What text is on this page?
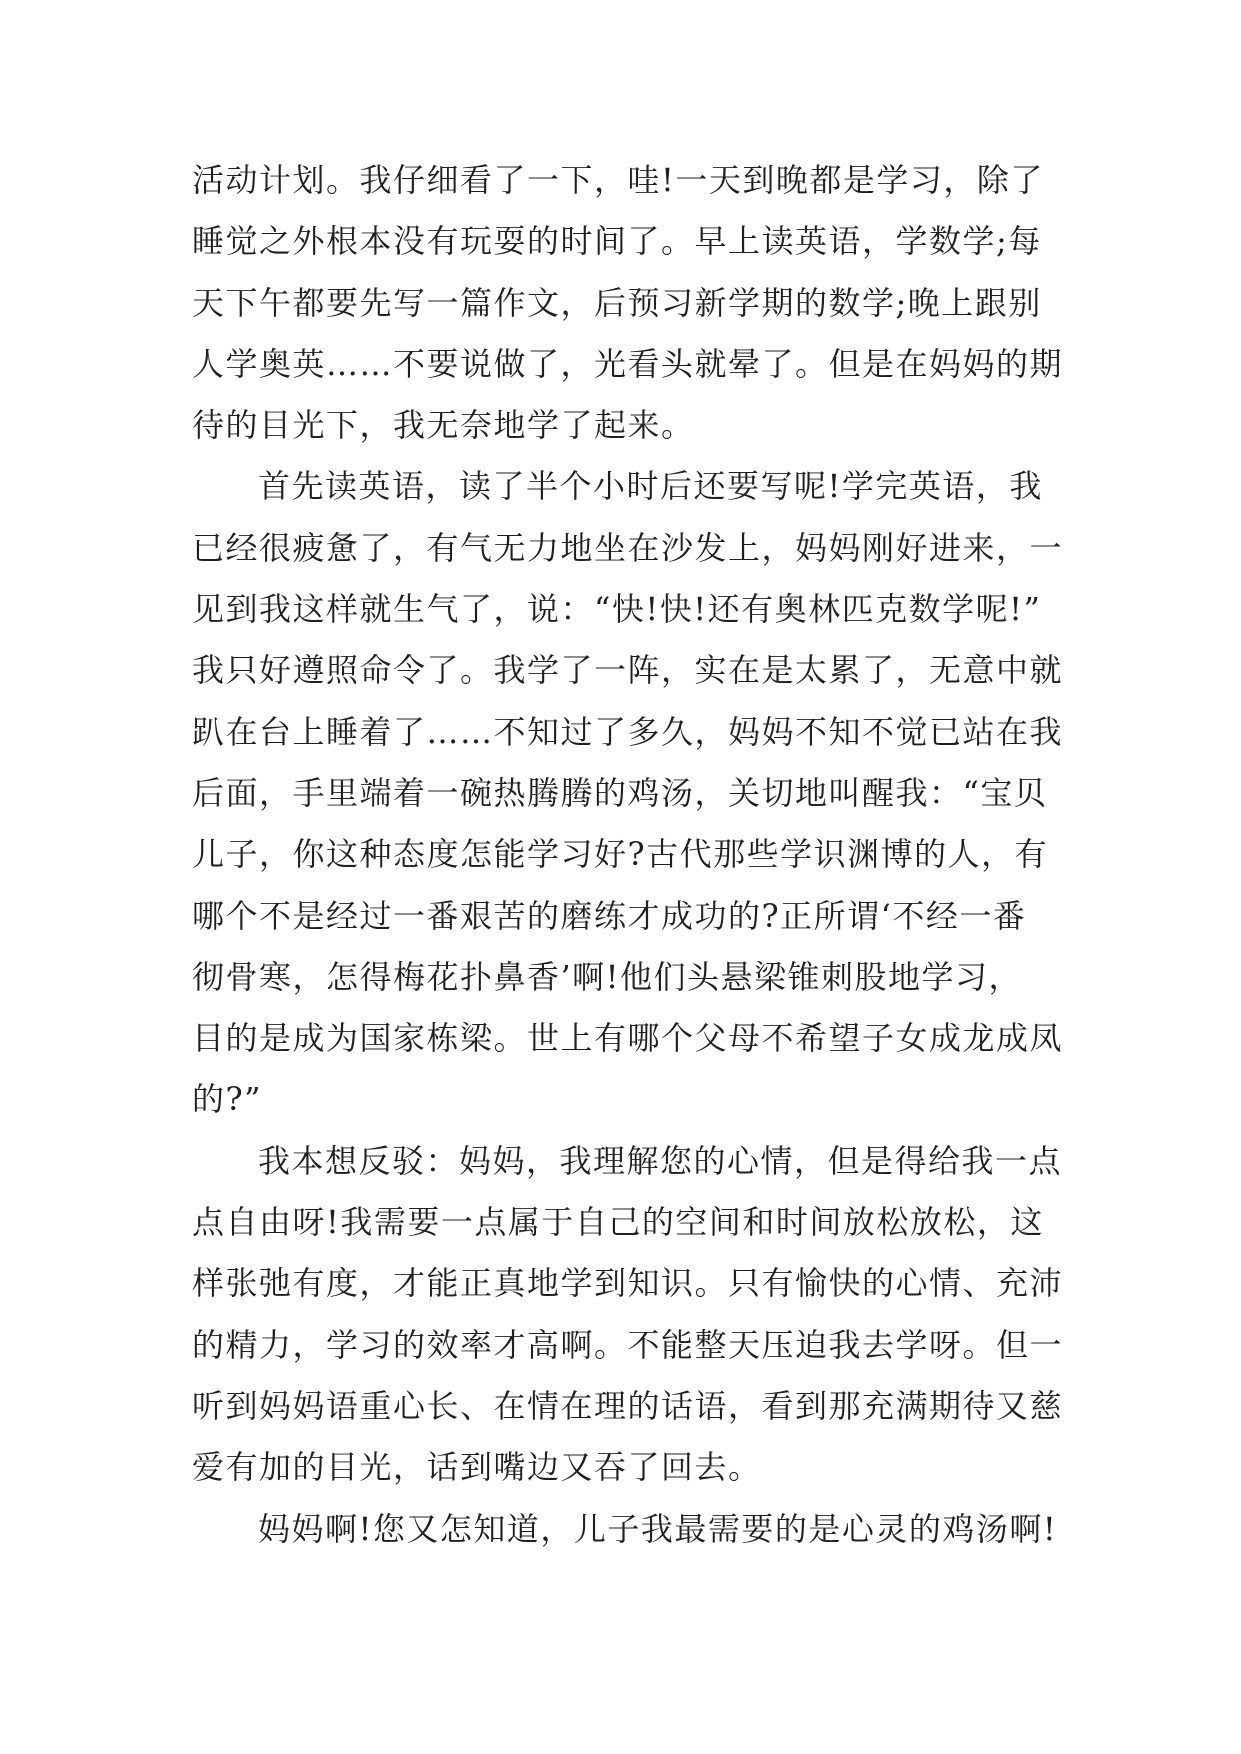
活动计划。我仔细看了一下，哇!一天到晚都是学习，除了
睡觉之外根本没有玩耍的时间了。早上读英语，学数学;每
天下午都要先写一篇作文，后预习新学期的数学;晚上跟别
人学奥英……不要说做了，光看头就晕了。但是在妈妈的期
待的目光下，我无奈地学了起来。
首先读英语，读了半个小时后还要写呢!学完英语，我
已经很疲惫了，有气无力地坐在沙发上，妈妈刚好进来，一
见到我这样就生气了，说：“快!快!还有奥林匹克数学呢!”
我只好遵照命令了。我学了一阵，实在是太累了，无意中就
趴在台上睡着了……不知过了多久，妈妈不知不觉已站在我
后面，手里端着一碗热腾腾的鸡汤，关切地叫醒我：“宝贝
儿子，你这种态度怎能学习好?古代那些学识渊博的人，有
哪个不是经过一番艰苦的磨练才成功的?正所谓‘不经一番
彻骨寒，怎得梅花扑鼻香’啊!他们头悬梁锥刺股地学习，
目的是成为国家栋梁。世上有哪个父母不希望子女成龙成凤
的?”
我本想反驳：妈妈，我理解您的心情，但是得给我一点
点自由呀!我需要一点属于自己的空间和时间放松放松，这
样张弛有度，才能正真地学到知识。只有愉快的心情、充沛
的精力，学习的效率才高啊。不能整天压迫我去学呀。但一
听到妈妈语重心长、在情在理的话语，看到那充满期待又慈
爱有加的目光，话到嘴边又吞了回去。
妈妈啊!您又怎知道，儿子我最需要的是心灵的鸡汤啊!
